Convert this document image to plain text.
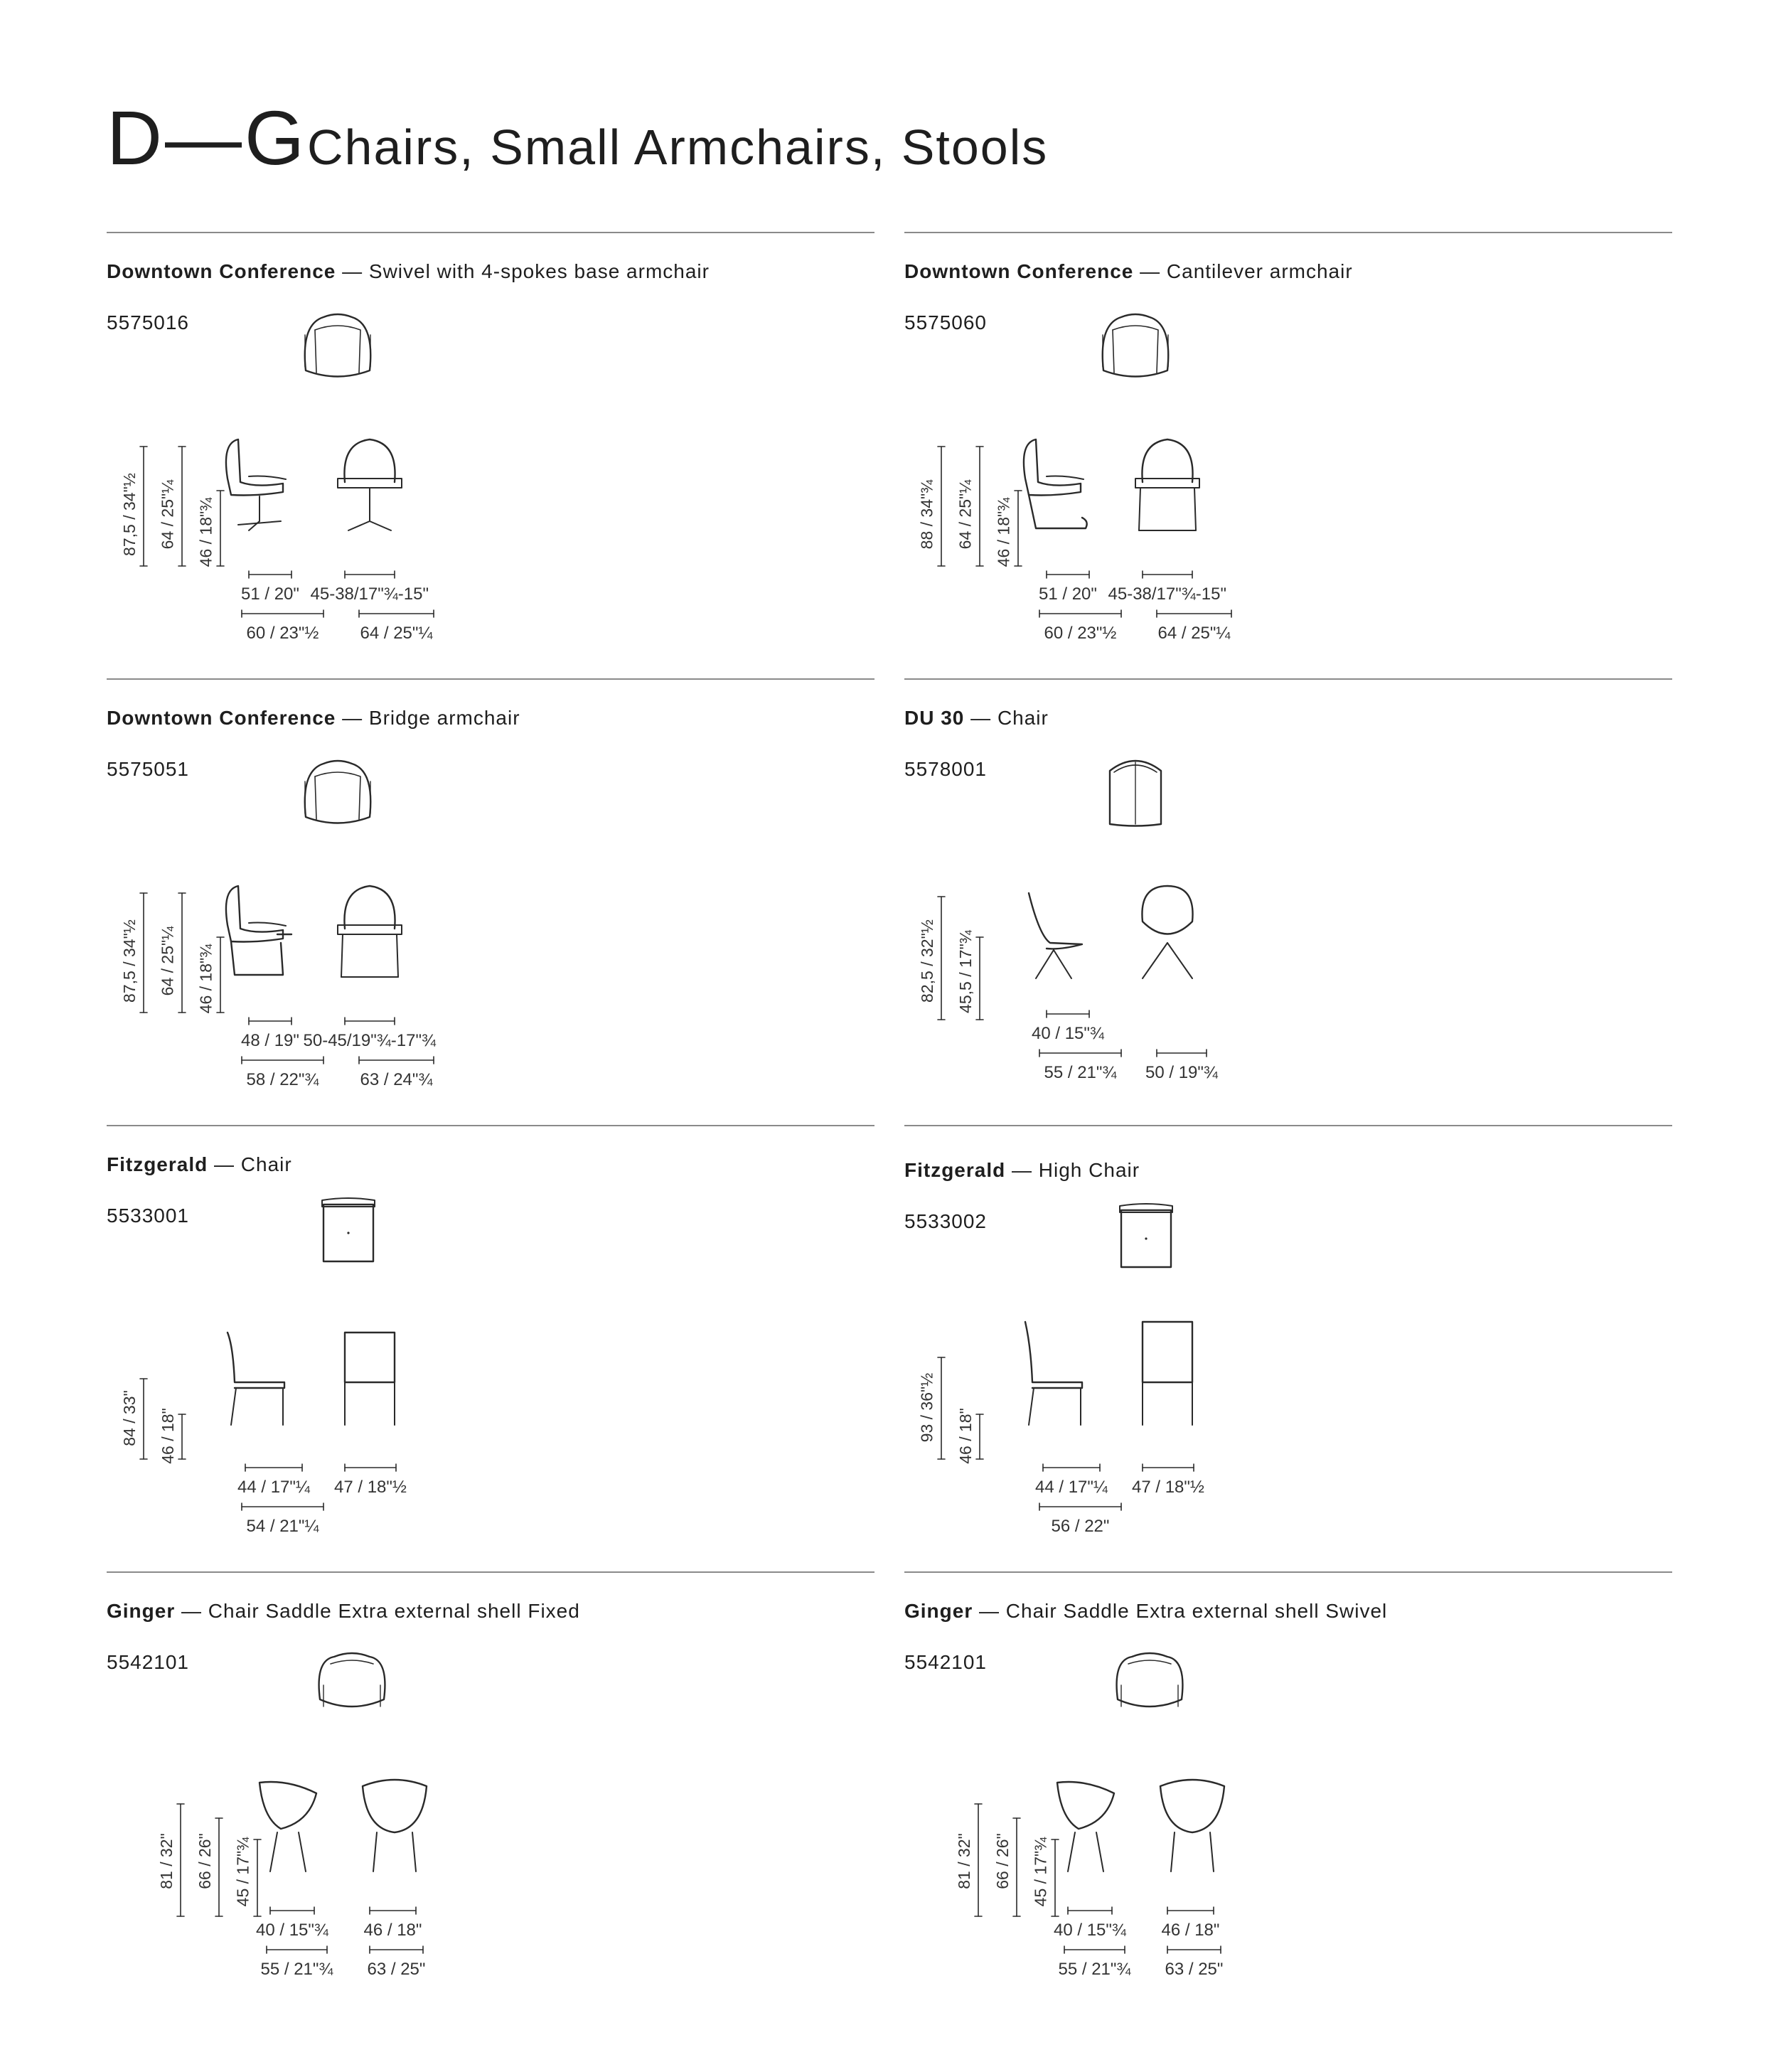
D—G Chairs, Small Armchairs, Stools
Downtown Conference — Swivel with 4-spokes base armchair
5575016
87,5 / 34"½ 64 / 25"¼ 46 / 18"¾
51 / 20" 45-38/17"¾-15"
60 / 23"½ 64 / 25"¼
Downtown Conference — Cantilever armchair
5575060
88 / 34"¾ 64 / 25"¼ 46 / 18"¾
51 / 20" 45-38/17"¾-15"
60 / 23"½ 64 / 25"¼
Downtown Conference — Bridge armchair
5575051
87,5 / 34"½ 64 / 25"¼ 46 / 18"¾
48 / 19" 50-45/19"¾-17"¾
58 / 22"¾ 63 / 24"¾
DU 30 — Chair
5578001
82,5 / 32"½ 45,5 / 17"¾
40 / 15"¾
55 / 21"¾ 50 / 19"¾
Fitzgerald — Chair
5533001
84 / 33" 46 / 18"
44 / 17"¼ 47 / 18"½
54 / 21"¼
Fitzgerald — High Chair
5533002
93 / 36"½ 46 / 18"
44 / 17"¼ 47 / 18"½
56 / 22"
Ginger — Chair Saddle Extra external shell Fixed
5542101
81 / 32" 66 / 26" 45 / 17"¾
40 / 15"¾ 46 / 18"
55 / 21"¾ 63 / 25"
Ginger — Chair Saddle Extra external shell Swivel
5542101
81 / 32" 66 / 26" 45 / 17"¾
40 / 15"¾ 46 / 18"
55 / 21"¾ 63 / 25"
